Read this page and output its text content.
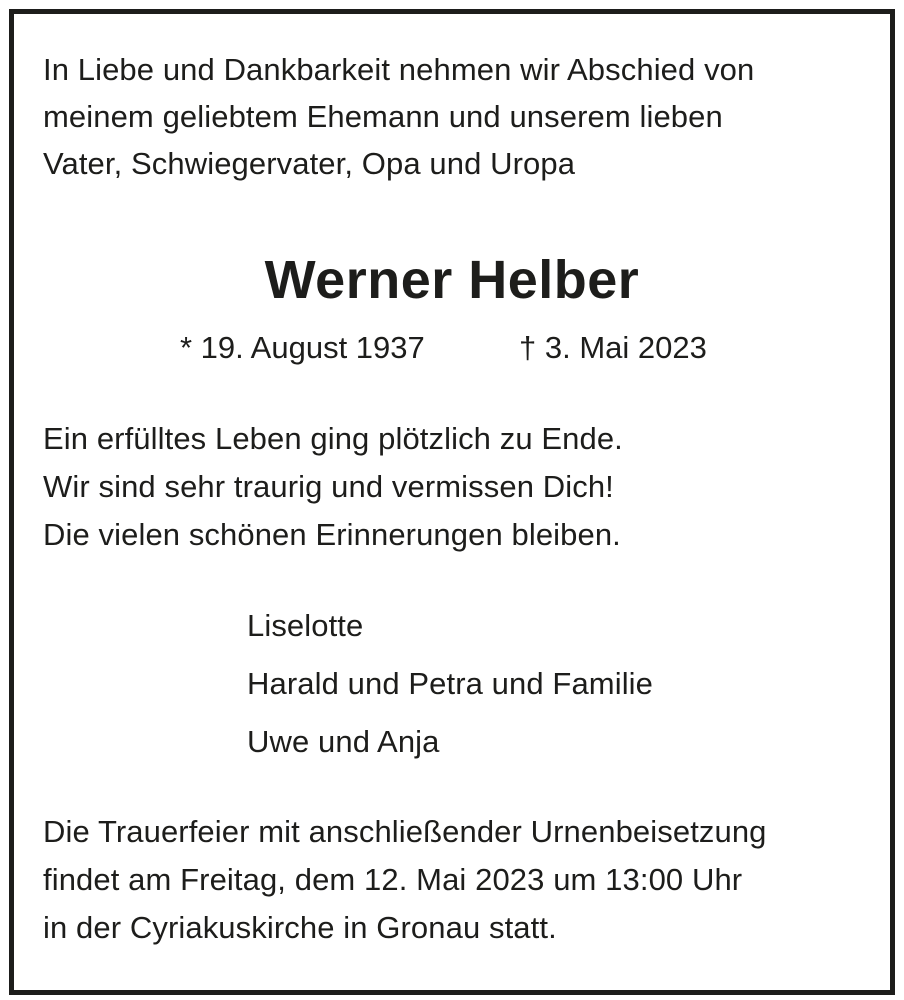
In Liebe und Dankbarkeit nehmen wir Abschied von
meinem geliebtem Ehemann und unserem lieben
Vater, Schwiegervater, Opa und Uropa
Werner Helber
* 19. August 1937	† 3. Mai 2023
Ein erfülltes Leben ging plötzlich zu Ende.
Wir sind sehr traurig und vermissen Dich!
Die vielen schönen Erinnerungen bleiben.
Liselotte
Harald und Petra und Familie
Uwe und Anja
Die Trauerfeier mit anschließender Urnenbeisetzung
findet am Freitag, dem 12. Mai 2023 um 13:00 Uhr
in der Cyriakuskirche in Gronau statt.
